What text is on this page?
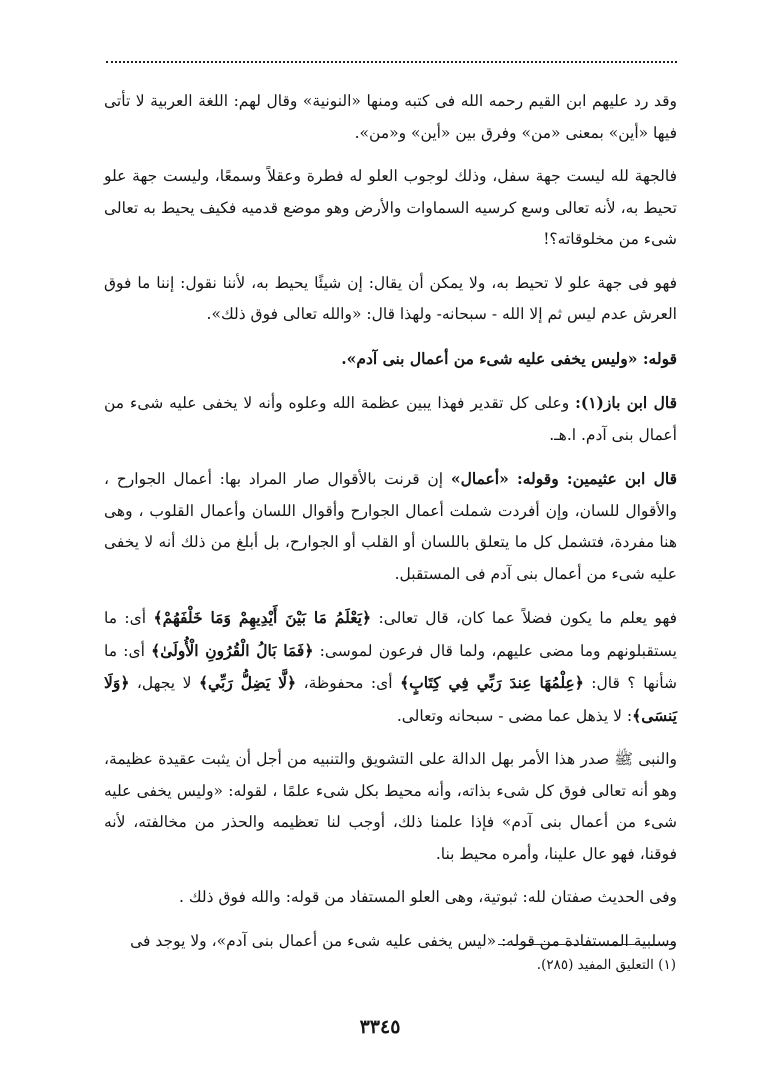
وقد رد عليهم ابن القيم رحمه الله فى كتبه ومنها «النونية» وقال لهم: اللغة العربية لا تأتى فيها «أين» بمعنى «من» وفرق بين «أين» و«من».

فالجهة لله ليست جهة سفل، وذلك لوجوب العلو له فطرة وعقلاً وسمعًا، وليست جهة علو تحيط به، لأنه تعالى وسع كرسيه السماوات والأرض وهو موضع قدميه فكيف يحيط به تعالى شىء من مخلوقاته؟!

فهو فى جهة علو لا تحيط به، ولا يمكن أن يقال: إن شيئًا يحيط به، لأننا نقول: إننا ما فوق العرش عدم ليس ثم إلا الله - سبحانه- ولهذا قال: «والله تعالى فوق ذلك».

قوله: «وليس يخفى عليه شىء من أعمال بنى آدم».

قال ابن باز(١): وعلى كل تقدير فهذا يبين عظمة الله وعلوه وأنه لا يخفى عليه شىء من أعمال بنى آدم. ا.هـ.

قال ابن عثيمين: وقوله: «أعمال» إن قرنت بالأقوال صار المراد بها: أعمال الجوارح ، والأقوال للسان، وإن أفردت شملت أعمال الجوارح وأقوال اللسان وأعمال القلوب ، وهى هنا مفردة، فتشمل كل ما يتعلق باللسان أو القلب أو الجوارح، بل أبلغ من ذلك أنه لا يخفى عليه شىء من أعمال بنى آدم فى المستقبل.

فهو يعلم ما يكون فضلاً عما كان، قال تعالى: ﴿يَعْلَمُ مَا بَيْنَ أَيْدِيهِمْ وَمَا خَلْفَهُمْ﴾ أى: ما يستقبلونهم وما مضى عليهم، ولما قال فرعون لموسى: ﴿فَمَا بَالُ الْقُرُونِ الْأُولَىٰ﴾ أى: ما شأنها ؟ قال: ﴿عِلْمُهَا عِندَ رَبِّي فِي كِتَابٍ﴾ أى: محفوظة، ﴿لَّا يَضِلُّ رَبِّي﴾ لا يجهل، ﴿وَلَا يَنسَى﴾: لا يذهل عما مضى - سبحانه وتعالى.

والنبى ﷺ صدر هذا الأمر بهل الدالة على التشويق والتنبيه من أجل أن يثبت عقيدة عظيمة، وهو أنه تعالى فوق كل شىء بذاته، وأنه محيط بكل شىء علمًا ، لقوله: «وليس يخفى عليه شىء من أعمال بنى آدم» فإذا علمنا ذلك، أوجب لنا تعظيمه والحذر من مخالفته، لأنه فوقنا، فهو عال علينا، وأمره محيط بنا.

وفى الحديث صفتان لله: ثبوتية، وهى العلو المستفاد من قوله: والله فوق ذلك .

وسلبية المستفادة من قوله: «ليس يخفى عليه شىء من أعمال بنى آدم»، ولا يوجد فى

(١) التعليق المفيد (٢٨٥).

٣٣٤٥
